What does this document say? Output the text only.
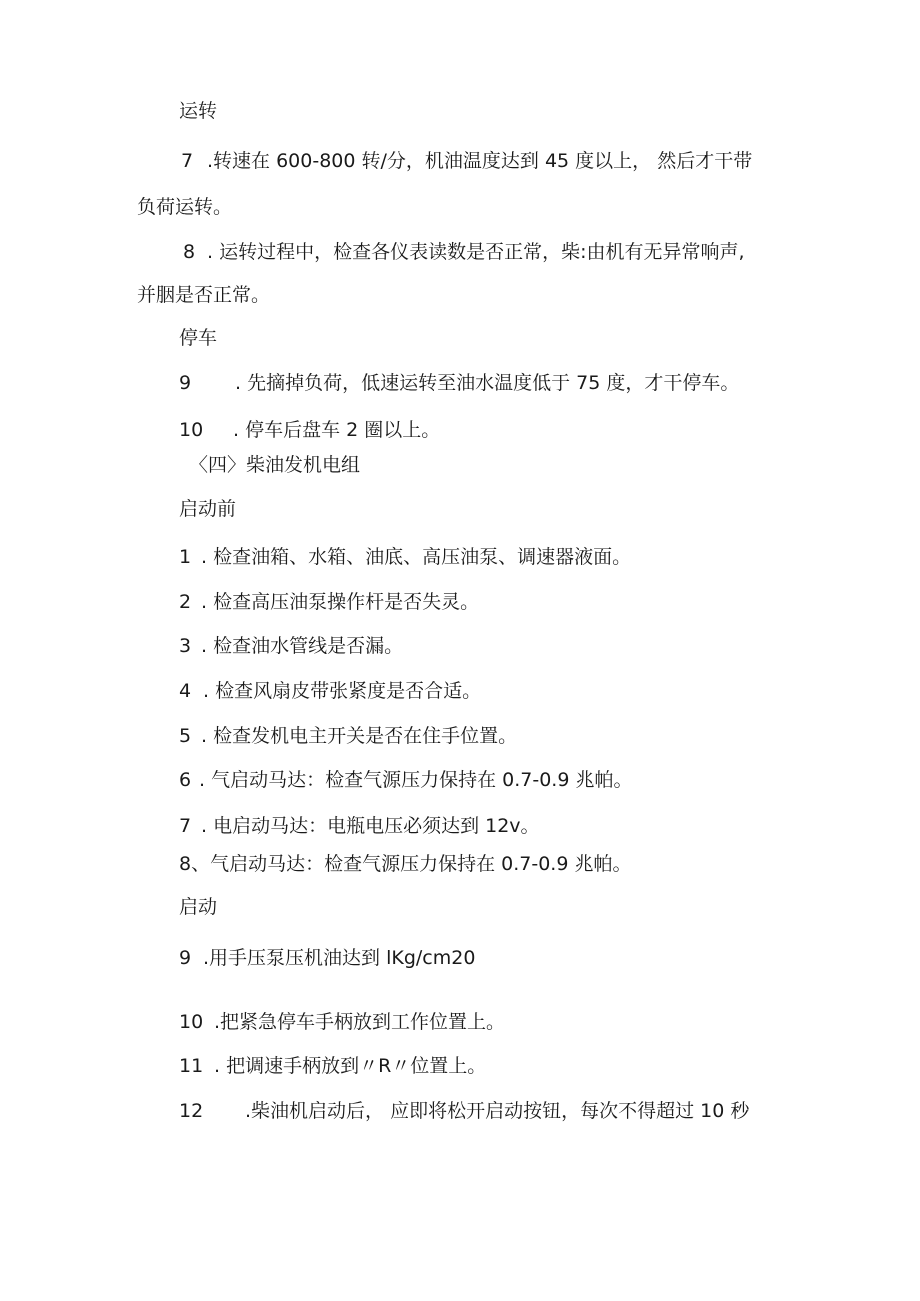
运转
7 .转速在 600-800 转/分，机油温度达到 45 度以上， 然后才干带
负荷运转。
8 . 运转过程中，检查各仪表读数是否正常，柴:由机有无异常响声,
并胭是否正常。
停车
9 . 先摘掉负荷，低速运转至油水温度低于 75 度，才干停车。
10 . 停车后盘车 2 圈以上。
〈四〉柴油发机电组
启动前
1 . 检查油箱、水箱、油底、高压油泵、调速器液面。
2 . 检查高压油泵操作杆是否失灵。
3 . 检查油水管线是否漏。
4 . 检查风扇皮带张紧度是否合适。
5 . 检查发机电主开关是否在住手位置。
6 . 气启动马达：检查气源压力保持在 0.7-0.9 兆帕。
7 . 电启动马达：电瓶电压必须达到 12v。
8、气启动马达：检查气源压力保持在 0.7-0.9 兆帕。
启动
9 .用手压泵压机油达到 lKg∕cm20
10 .把紧急停车手柄放到工作位置上。
11 . 把调速手柄放到〃R〃位置上。
12 .柴油机启动后， 应即将松开启动按钮，每次不得超过 10 秒
